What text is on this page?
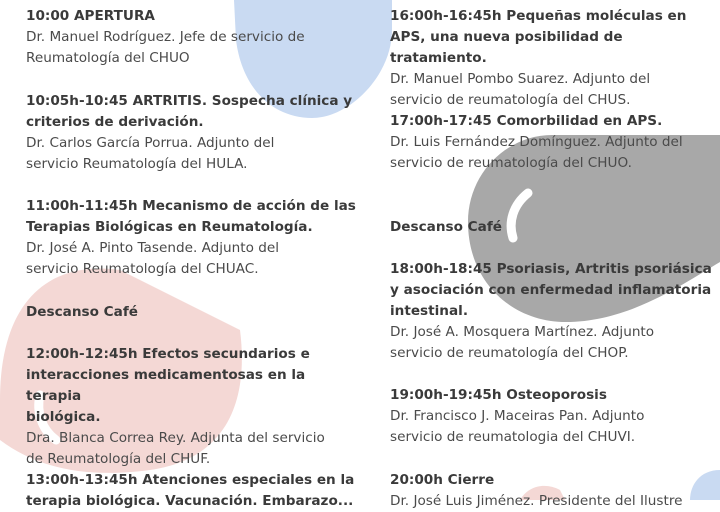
10:00 APERTURA
Dr. Manuel Rodríguez. Jefe de servicio de
Reumatología del CHUO
10:05h-10:45 ARTRITIS. Sospecha clínica y
criterios de derivación.
Dr. Carlos García Porrua. Adjunto del
servicio Reumatología del HULA.
11:00h-11:45h Mecanismo de acción de las
Terapias Biológicas en Reumatología.
Dr. José A. Pinto Tasende. Adjunto del
servicio Reumatología del CHUAC.
Descanso Café
12:00h-12:45h Efectos secundarios e
interacciones medicamentosas en la terapia
biológica.
Dra. Blanca Correa Rey. Adjunta del servicio
de Reumatología del CHUF.
13:00h-13:45h Atenciones especiales en la
terapia biológica. Vacunación. Embarazo...
16:00h-16:45h Pequeñas moléculas en
APS, una nueva posibilidad de tratamiento.
Dr. Manuel Pombo Suarez. Adjunto del
servicio de reumatología del CHUS.
17:00h-17:45 Comorbilidad en APS.
Dr. Luis Fernández Domínguez. Adjunto del
servicio de reumatología del CHUO.
Descanso Café
18:00h-18:45 Psoriasis, Artritis psoriásica
y asociación con enfermedad inflamatoria
intestinal.
Dr. José A. Mosquera Martínez. Adjunto
servicio de reumatología del CHOP.
19:00h-19:45h Osteoporosis
Dr. Francisco J. Maceiras Pan. Adjunto
servicio de reumatologia del CHUVI.
20:00h Cierre
Dr. José Luis Jiménez. Presidente del Ilustre
